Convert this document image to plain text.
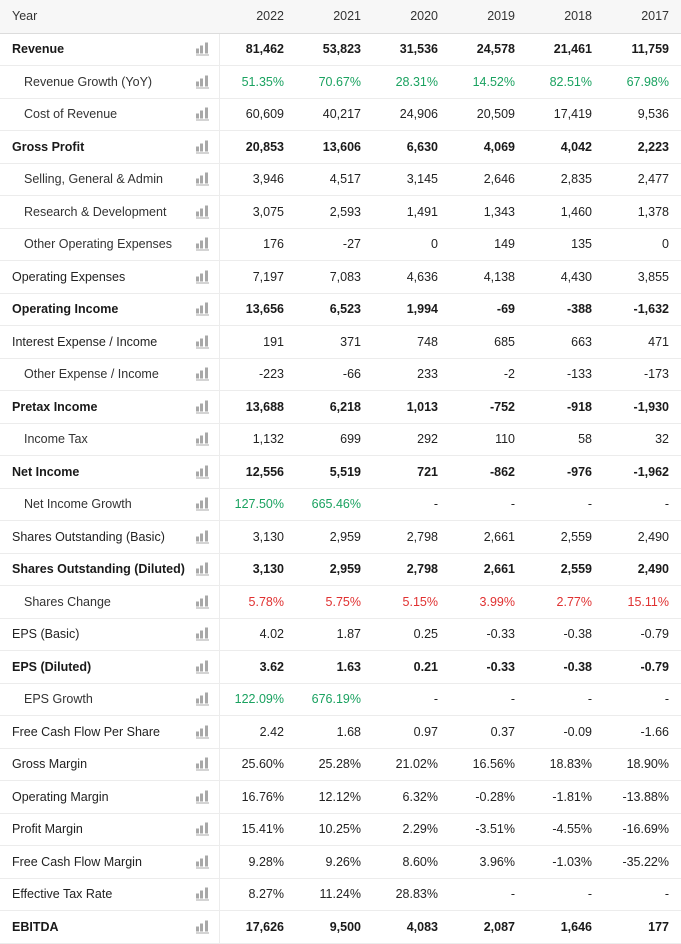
Year	2022	2021	2020	2019	2018	2017
Revenue	81,462	53,823	31,536	24,578	21,461	11,759
Revenue Growth (YoY)	51.35%	70.67%	28.31%	14.52%	82.51%	67.98%
Cost of Revenue	60,609	40,217	24,906	20,509	17,419	9,536
Gross Profit	20,853	13,606	6,630	4,069	4,042	2,223
Selling, General & Admin	3,946	4,517	3,145	2,646	2,835	2,477
Research & Development	3,075	2,593	1,491	1,343	1,460	1,378
Other Operating Expenses	176	-27	0	149	135	0
Operating Expenses	7,197	7,083	4,636	4,138	4,430	3,855
Operating Income	13,656	6,523	1,994	-69	-388	-1,632
Interest Expense / Income	191	371	748	685	663	471
Other Expense / Income	-223	-66	233	-2	-133	-173
Pretax Income	13,688	6,218	1,013	-752	-918	-1,930
Income Tax	1,132	699	292	110	58	32
Net Income	12,556	5,519	721	-862	-976	-1,962
Net Income Growth	127.50%	665.46%	-	-	-	-
Shares Outstanding (Basic)	3,130	2,959	2,798	2,661	2,559	2,490
Shares Outstanding (Diluted)	3,130	2,959	2,798	2,661	2,559	2,490
Shares Change	5.78%	5.75%	5.15%	3.99%	2.77%	15.11%
EPS (Basic)	4.02	1.87	0.25	-0.33	-0.38	-0.79
EPS (Diluted)	3.62	1.63	0.21	-0.33	-0.38	-0.79
EPS Growth	122.09%	676.19%	-	-	-	-
Free Cash Flow Per Share	2.42	1.68	0.97	0.37	-0.09	-1.66
Gross Margin	25.60%	25.28%	21.02%	16.56%	18.83%	18.90%
Operating Margin	16.76%	12.12%	6.32%	-0.28%	-1.81%	-13.88%
Profit Margin	15.41%	10.25%	2.29%	-3.51%	-4.55%	-16.69%
Free Cash Flow Margin	9.28%	9.26%	8.60%	3.96%	-1.03%	-35.22%
Effective Tax Rate	8.27%	11.24%	28.83%	-	-	-
EBITDA	17,626	9,500	4,083	2,087	1,646	177
